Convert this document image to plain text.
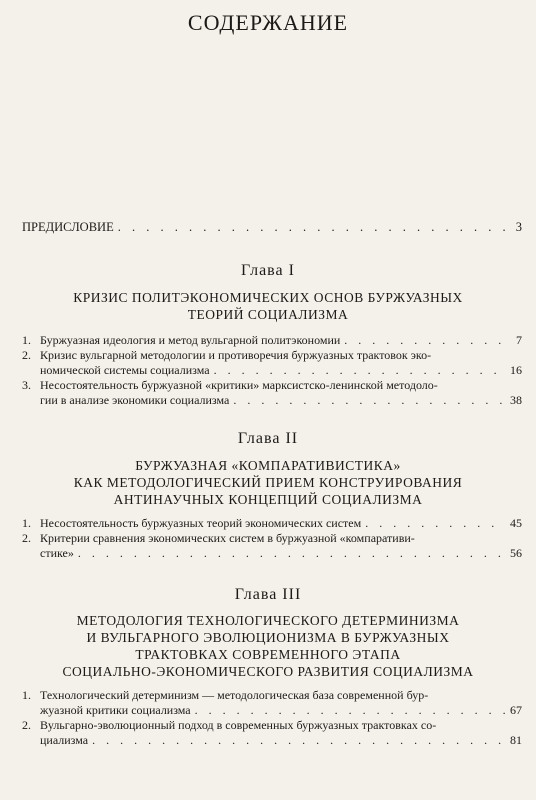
СОДЕРЖАНИЕ
ПРЕДИСЛОВИЕ . . .	3
Глава I
КРИЗИС ПОЛИТЭКОНОМИЧЕСКИХ ОСНОВ БУРЖУАЗНЫХ
ТЕОРИЙ СОЦИАЛИЗМА
1. Буржуазная идеология и метод вульгарной политэкономии . . .	7
2. Кризис вульгарной методологии и противоречия буржуазных трактовок эко-
номической системы социализма . . .	16
3. Несостоятельность буржуазной «критики» марксистско-ленинской методоло-
гии в анализе экономики социализма . . .	38
Глава II
БУРЖУАЗНАЯ «КОМПАРАТИВИСТИКА»
КАК МЕТОДОЛОГИЧЕСКИЙ ПРИЕМ КОНСТРУИРОВАНИЯ
АНТИНАУЧНЫХ КОНЦЕПЦИЙ СОЦИАЛИЗМА
1. Несостоятельность буржуазных теорий экономических систем . . .	45
2. Критерии сравнения экономических систем в буржуазной «компаративи-
стике» . . .	56
Глава III
МЕТОДОЛОГИЯ ТЕХНОЛОГИЧЕСКОГО ДЕТЕРМИНИЗМА
И ВУЛЬГАРНОГО ЭВОЛЮЦИОНИЗМА В БУРЖУАЗНЫХ
ТРАКТОВКАХ СОВРЕМЕННОГО ЭТАПА
СОЦИАЛЬНО-ЭКОНОМИЧЕСКОГО РАЗВИТИЯ СОЦИАЛИЗМА
1. Технологический детерминизм — методологическая база современной бур-
жуазной критики социализма . . .	67
2. Вульгарно-эволюционный подход в современных буржуазных трактовках со-
циализма . . .	81
